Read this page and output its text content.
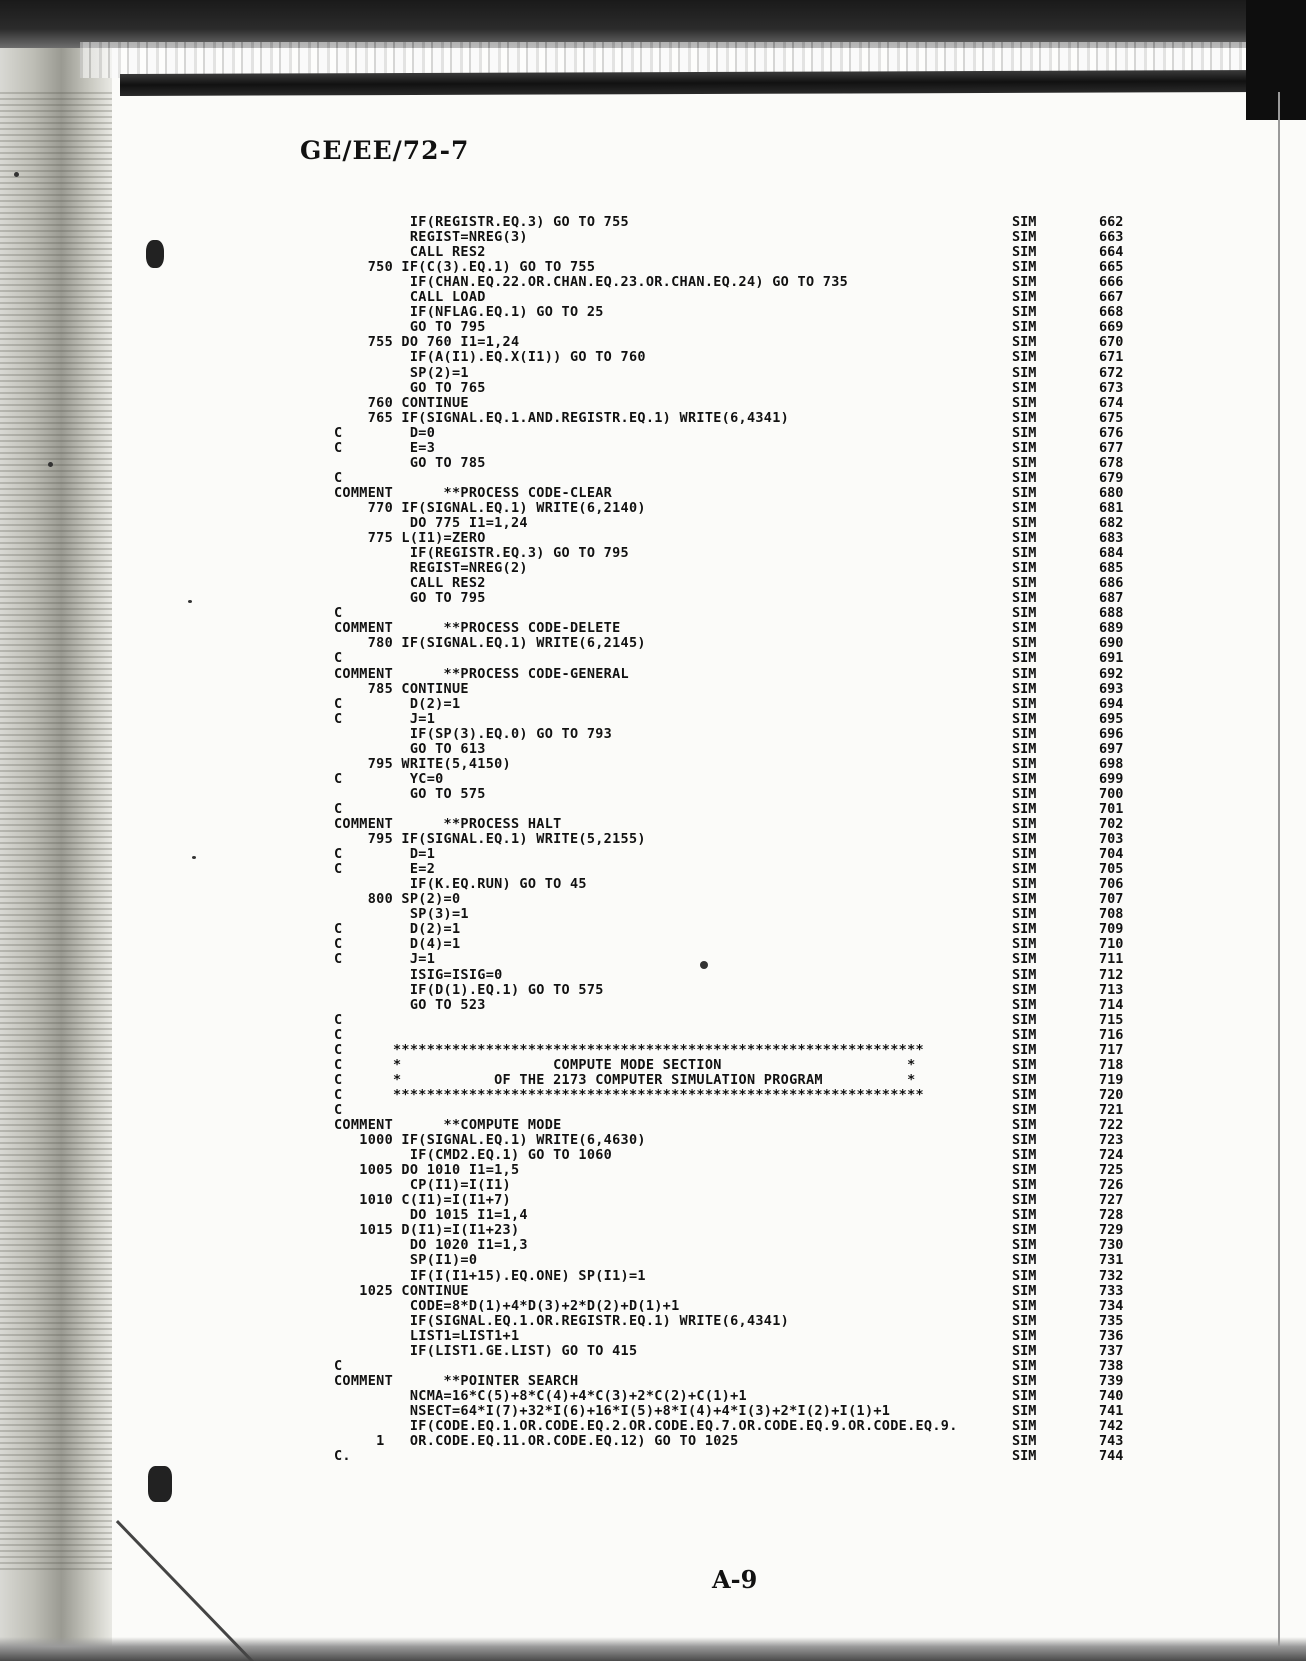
GE/EE/72-7
IF(REGISTR.EQ.3) GO TO 755	SIM	662
REGIST=NREG(3)	SIM	663
CALL RES2	SIM	664
750 IF(C(3).EQ.1) GO TO 755	SIM	665
IF(CHAN.EQ.22.OR.CHAN.EQ.23.OR.CHAN.EQ.24) GO TO 735	SIM	666
CALL LOAD	SIM	667
IF(NFLAG.EQ.1) GO TO 25	SIM	668
GO TO 795	SIM	669
755 DO 760 I1=1,24	SIM	670
IF(A(I1).EQ.X(I1)) GO TO 760	SIM	671
SP(2)=1	SIM	672
GO TO 765	SIM	673
760 CONTINUE	SIM	674
765 IF(SIGNAL.EQ.1.AND.REGISTR.EQ.1) WRITE(6,4341)	SIM	675
C        D=0	SIM	676
C        E=3	SIM	677
GO TO 785	SIM	678
C	SIM	679
COMMENT      **PROCESS CODE-CLEAR	SIM	680
770 IF(SIGNAL.EQ.1) WRITE(6,2140)	SIM	681
DO 775 I1=1,24	SIM	682
775 L(I1)=ZERO	SIM	683
IF(REGISTR.EQ.3) GO TO 795	SIM	684
REGIST=NREG(2)	SIM	685
CALL RES2	SIM	686
GO TO 795	SIM	687
C	SIM	688
COMMENT      **PROCESS CODE-DELETE	SIM	689
780 IF(SIGNAL.EQ.1) WRITE(6,2145)	SIM	690
C	SIM	691
COMMENT      **PROCESS CODE-GENERAL	SIM	692
785 CONTINUE	SIM	693
C        D(2)=1	SIM	694
C        J=1	SIM	695
IF(SP(3).EQ.0) GO TO 793	SIM	696
GO TO 613	SIM	697
795 WRITE(5,4150)	SIM	698
C        YC=0	SIM	699
GO TO 575	SIM	700
C	SIM	701
COMMENT      **PROCESS HALT	SIM	702
795 IF(SIGNAL.EQ.1) WRITE(5,2155)	SIM	703
C        D=1	SIM	704
C        E=2	SIM	705
IF(K.EQ.RUN) GO TO 45	SIM	706
800 SP(2)=0	SIM	707
SP(3)=1	SIM	708
C        D(2)=1	SIM	709
C        D(4)=1	SIM	710
C        J=1	SIM	711
ISIG=ISIG=0	SIM	712
IF(D(1).EQ.1) GO TO 575	SIM	713
GO TO 523	SIM	714
C	SIM	715
C	SIM	716
C      ***************************************************************	SIM	717
C      *                  COMPUTE MODE SECTION                      *	SIM	718
C      *           OF THE 2173 COMPUTER SIMULATION PROGRAM          *	SIM	719
C      ***************************************************************	SIM	720
C	SIM	721
COMMENT      **COMPUTE MODE	SIM	722
1000 IF(SIGNAL.EQ.1) WRITE(6,4630)	SIM	723
IF(CMD2.EQ.1) GO TO 1060	SIM	724
1005 DO 1010 I1=1,5	SIM	725
CP(I1)=I(I1)	SIM	726
1010 C(I1)=I(I1+7)	SIM	727
DO 1015 I1=1,4	SIM	728
1015 D(I1)=I(I1+23)	SIM	729
DO 1020 I1=1,3	SIM	730
SP(I1)=0	SIM	731
IF(I(I1+15).EQ.ONE) SP(I1)=1	SIM	732
1025 CONTINUE	SIM	733
CODE=8*D(1)+4*D(3)+2*D(2)+D(1)+1	SIM	734
IF(SIGNAL.EQ.1.OR.REGISTR.EQ.1) WRITE(6,4341)	SIM	735
LIST1=LIST1+1	SIM	736
IF(LIST1.GE.LIST) GO TO 415	SIM	737
C	SIM	738
COMMENT      **POINTER SEARCH	SIM	739
NCMA=16*C(5)+8*C(4)+4*C(3)+2*C(2)+C(1)+1	SIM	740
NSECT=64*I(7)+32*I(6)+16*I(5)+8*I(4)+4*I(3)+2*I(2)+I(1)+1	SIM	741
IF(CODE.EQ.1.OR.CODE.EQ.2.OR.CODE.EQ.7.OR.CODE.EQ.9.OR.CODE.EQ.9.	SIM	742
1   OR.CODE.EQ.11.OR.CODE.EQ.12) GO TO 1025	SIM	743
C.	SIM	744
A-9
